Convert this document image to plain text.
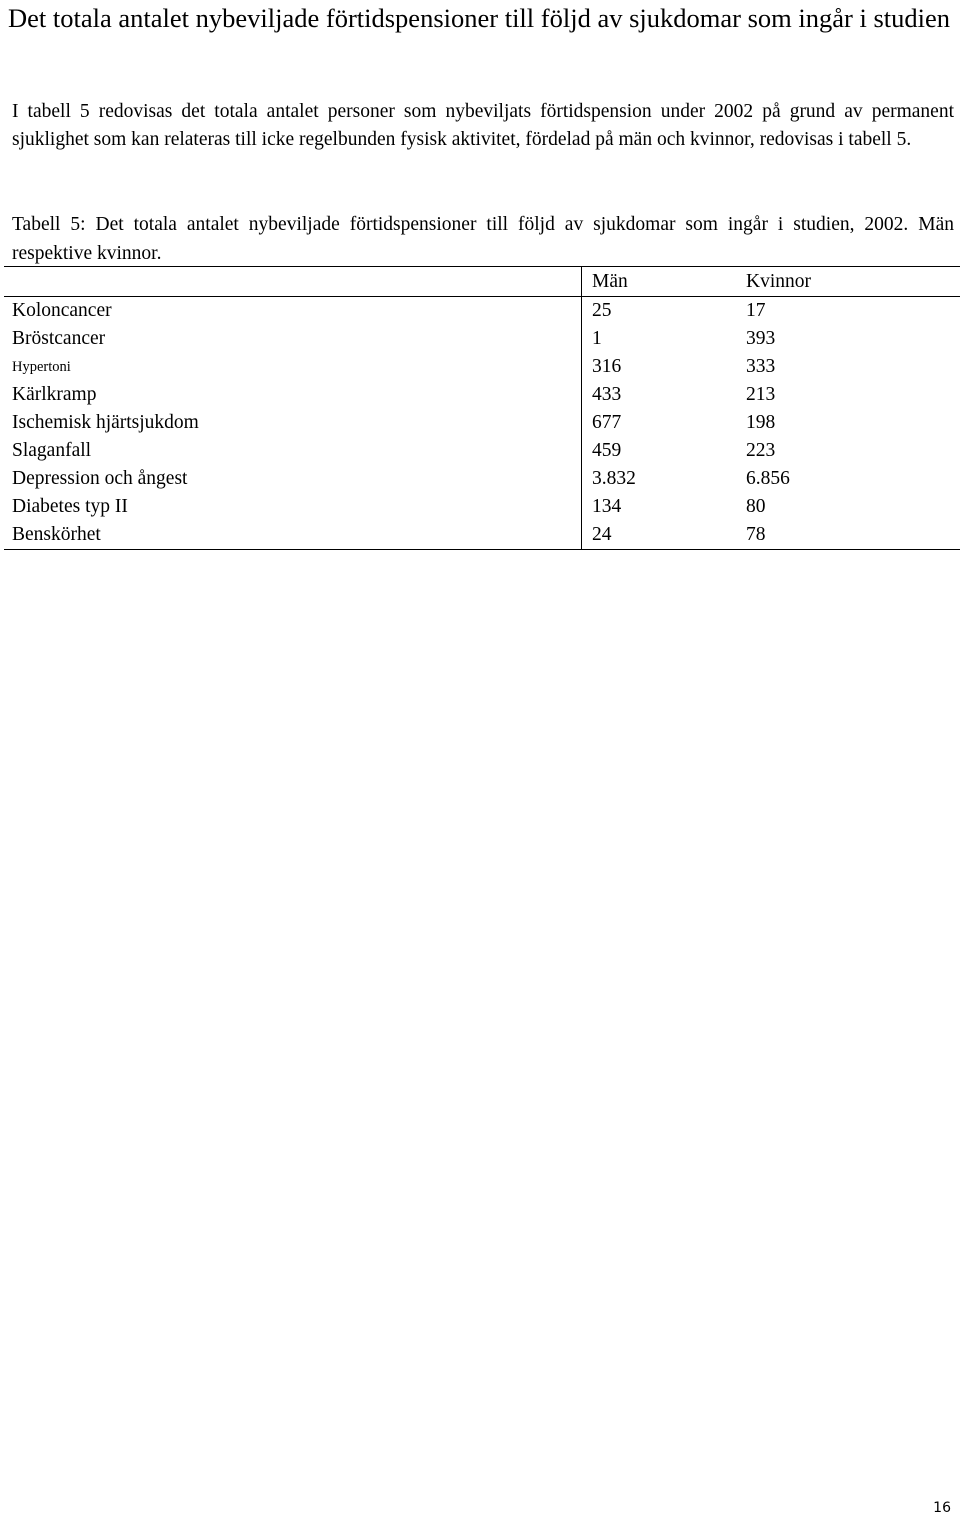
Det totala antalet nybeviljade förtidspensioner till följd av sjukdomar som ingår i studien

I tabell 5 redovisas det totala antalet personer som nybeviljats förtidspension under 2002 på grund av permanent sjuklighet som kan relateras till icke regelbunden fysisk aktivitet, fördelad på män och kvinnor, redovisas i tabell 5.

Tabell 5: Det totala antalet nybeviljade förtidspensioner till följd av sjukdomar som ingår i studien, 2002. Män respektive kvinnor.

	Män	Kvinnor
Koloncancer	25	17
Bröstcancer	1	393
Hypertoni	316	333
Kärlkramp	433	213
Ischemisk hjärtsjukdom	677	198
Slaganfall	459	223
Depression och ångest	3.832	6.856
Diabetes typ II	134	80
Benskörhet	24	78
16
